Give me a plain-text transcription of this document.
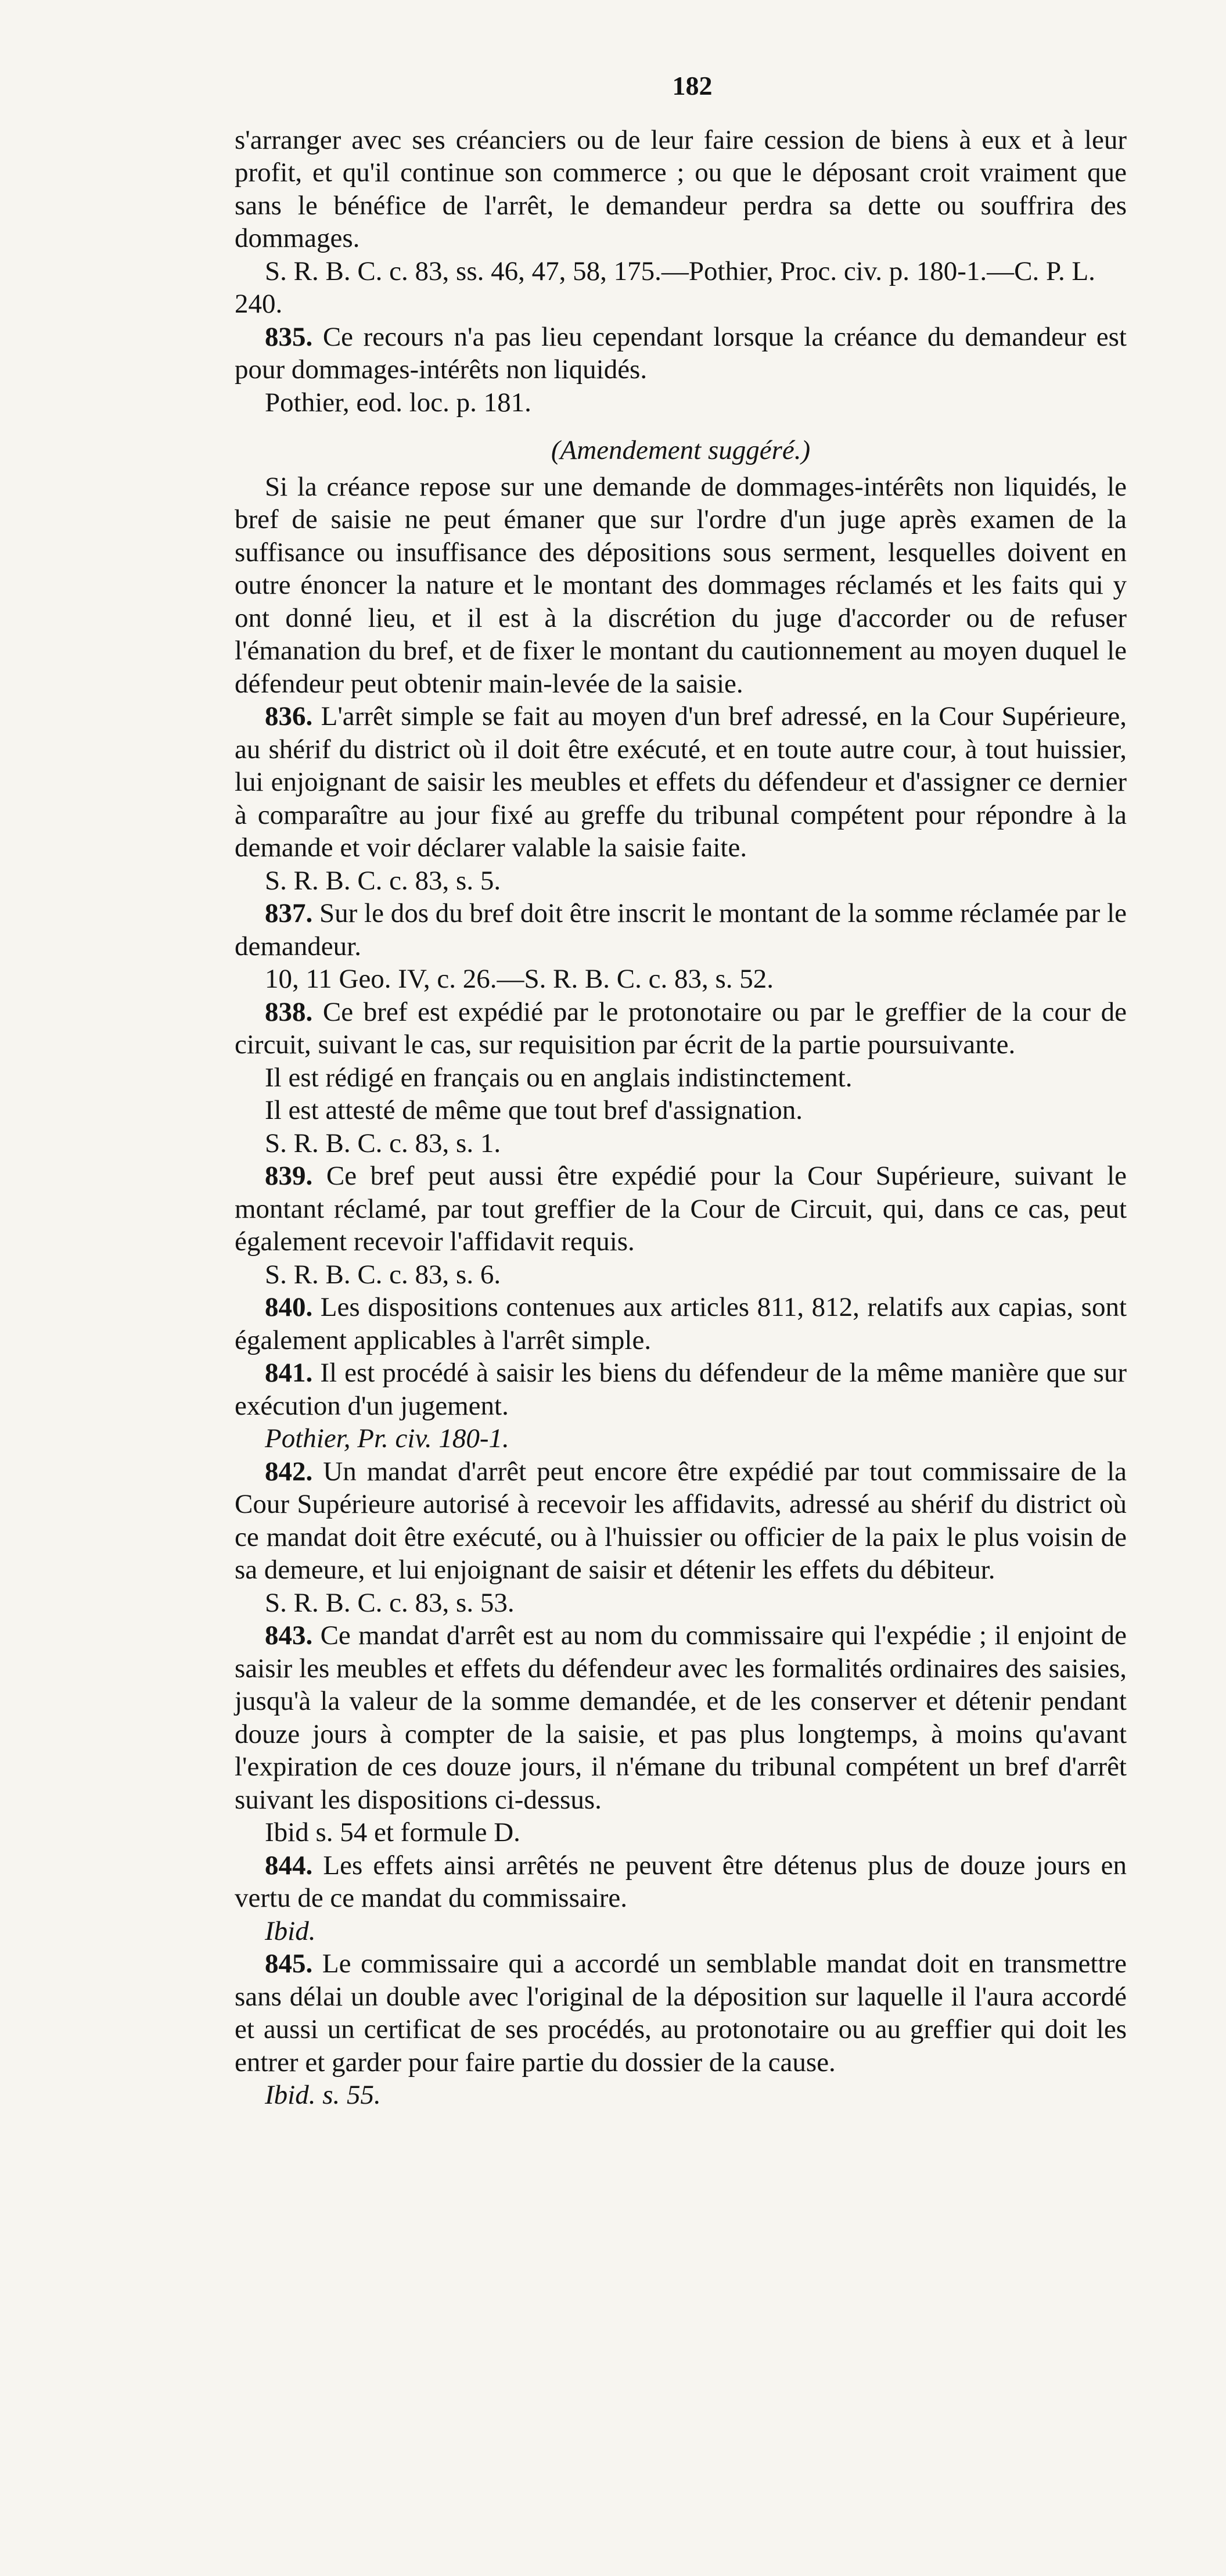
182

s'arranger avec ses créanciers ou de leur faire cession de biens à eux et à leur profit, et qu'il continue son commerce ; ou que le déposant croit vraiment que sans le bénéfice de l'arrêt, le demandeur perdra sa dette ou souffrira des dommages.

S. R. B. C. c. 83, ss. 46, 47, 58, 175.—Pothier, Proc. civ. p. 180-1.—C. P. L. 240.

835. Ce recours n'a pas lieu cependant lorsque la créance du demandeur est pour dommages-intérêts non liquidés.

Pothier, eod. loc. p. 181.

(Amendement suggéré.)

Si la créance repose sur une demande de dommages-intérêts non liquidés, le bref de saisie ne peut émaner que sur l'ordre d'un juge après examen de la suffisance ou insuffisance des dépositions sous serment, lesquelles doivent en outre énoncer la nature et le montant des dommages réclamés et les faits qui y ont donné lieu, et il est à la discrétion du juge d'accorder ou de refuser l'émanation du bref, et de fixer le montant du cautionnement au moyen duquel le défendeur peut obtenir main-levée de la saisie.

836. L'arrêt simple se fait au moyen d'un bref adressé, en la Cour Supérieure, au shérif du district où il doit être exécuté, et en toute autre cour, à tout huissier, lui enjoignant de saisir les meubles et effets du défendeur et d'assigner ce dernier à comparaître au jour fixé au greffe du tribunal compétent pour répondre à la demande et voir déclarer valable la saisie faite.

S. R. B. C. c. 83, s. 5.

837. Sur le dos du bref doit être inscrit le montant de la somme réclamée par le demandeur.

10, 11 Geo. IV, c. 26.—S. R. B. C. c. 83, s. 52.

838. Ce bref est expédié par le protonotaire ou par le greffier de la cour de circuit, suivant le cas, sur requisition par écrit de la partie poursuivante.

Il est rédigé en français ou en anglais indistinctement.

Il est attesté de même que tout bref d'assignation.

S. R. B. C. c. 83, s. 1.

839. Ce bref peut aussi être expédié pour la Cour Supérieure, suivant le montant réclamé, par tout greffier de la Cour de Circuit, qui, dans ce cas, peut également recevoir l'affidavit requis.

S. R. B. C. c. 83, s. 6.

840. Les dispositions contenues aux articles 811, 812, relatifs aux capias, sont également applicables à l'arrêt simple.

841. Il est procédé à saisir les biens du défendeur de la même manière que sur exécution d'un jugement.

Pothier, Pr. civ. 180-1.

842. Un mandat d'arrêt peut encore être expédié par tout commissaire de la Cour Supérieure autorisé à recevoir les affidavits, adressé au shérif du district où ce mandat doit être exécuté, ou à l'huissier ou officier de la paix le plus voisin de sa demeure, et lui enjoignant de saisir et détenir les effets du débiteur.

S. R. B. C. c. 83, s. 53.

843. Ce mandat d'arrêt est au nom du commissaire qui l'expédie ; il enjoint de saisir les meubles et effets du défendeur avec les formalités ordinaires des saisies, jusqu'à la valeur de la somme demandée, et de les conserver et détenir pendant douze jours à compter de la saisie, et pas plus longtemps, à moins qu'avant l'expiration de ces douze jours, il n'émane du tribunal compétent un bref d'arrêt suivant les dispositions ci-dessus.

Ibid s. 54 et formule D.

844. Les effets ainsi arrêtés ne peuvent être détenus plus de douze jours en vertu de ce mandat du commissaire.

Ibid.

845. Le commissaire qui a accordé un semblable mandat doit en transmettre sans délai un double avec l'original de la déposition sur laquelle il l'aura accordé et aussi un certificat de ses procédés, au protonotaire ou au greffier qui doit les entrer et garder pour faire partie du dossier de la cause.

Ibid. s. 55.
